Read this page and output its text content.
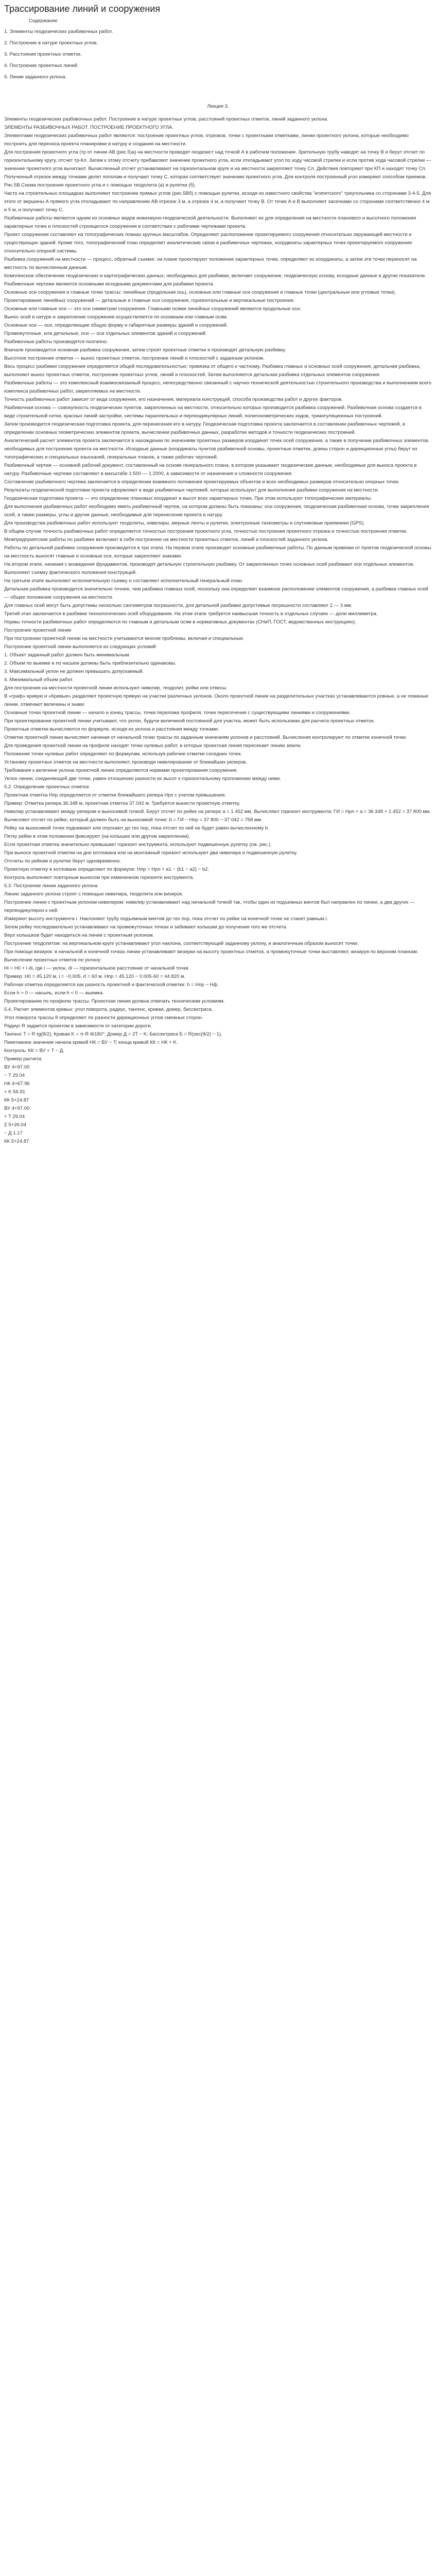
Трассирование линий и сооружения
Содержание
1. Элементы геодезических разбивочных работ.
2. Построение в натуре проектных углов.
3. Расстояния проектных отметок.
4. Построение проектных линий.
5. Линии заданного уклона.
Лекция 3.

Элементы геодезических разбивочных работ. Построение в натуре проектных углов, расстояний проектных отметок, линий заданного уклона.

ЭЛЕМЕНТЫ РАЗБИВОЧНЫХ РАБОТ. ПОСТРОЕНИЕ ПРОЕКТНОГО УГЛА.

Элементами геодезических разбивочных работ являются: построение проектных углов, отрезков, точки с проектными отметками, линии проектного уклона, которые необходимо построить для переноса проекта планировки в натуру и создания на местности.

Для построения проектного угла (тр от линии АВ (рис.5)а) на местности проводят геодезист над точкой А в рабочем положении. Зрительную трубу наводят на точку В и берут отсчет по горизонтальному кругу, отсчет тр-Кл. Затем к этому отсчету прибавляют значение проектного угла, если откладывают угол по ходу часовой стрелки и если против хода часовой стрелки — значение проектного угла вычитают. Вычисленный отсчет устанавливают на горизонтальном круге и на местности закрепляют точку Сл. Действия повторяют при КП и находят точку Сп. Полученный отрезок между точками делят пополам и получают точку С, которая соответствует значению проектного угла. Для контроля построенный угол измеряют способом приемов.

Рис.5В.Схема построения проектного угла и с помощью теодолита (а) и рулетки (б).

Часто на строительных площадках выполняют построение прямых углов (рис.5Bб) с помощью рулетки, исходя из известного свойства "египетского" треугольника со сторонами 3-4-5. Для этого от вершины А прямого угла откладывают по направлению АВ отрезок 3 м, а отрезок 4 м, а получают точку В. От точек А и В выполняют засечками со сторонами соответственно 4 м и 5 м, и получают точку С.

Разбивочные работы являются одним из основных видов инженерно-геодезической деятельности. Выполняют их для определения на местности планового и высотного положения характерных точек и плоскостей строящегося сооружения в соответствии с рабочими чертежами проекта.

Проект сооружения составляют на топографических планах крупных масштабов. Определяют расположение проектируемого сооружения относительно окружающей местности и существующих зданий. Кроме того, топографический план определяет аналитические связи в разбивочных чертежах, координаты характерных точек проектируемого сооружения относительно опорной системы.

Разбивка сооружений на местности — процесс, обратный съемке: на плане проектируют положение характерных точек, определяют их координаты, а затем эти точки переносят на местность по вычисленным данным.

Комплексное обеспечение геодезических и картографических данных, необходимых для разбивки, включает сооружение, геодезическую основу, исходные данные и другие показатели. Разбивочные чертежи являются основными исходными документами для разбивки проекта.

Основные оси сооружения и главные точки трассы: линейные (продольная ось), основные или главные оси сооружения и главные точки (центральные или угловые точки).

Проектирование линейных сооружений — детальные и главные оси сооружения, горизонтальные и вертикальные построения.

Основные или главные оси — это оси симметрии сооружения. Главными осями линейных сооружений являются продольные оси.

Вынос осей в натуре и закрепление сооружения осуществляется по основным или главным осям.

Основные оси — оси, определяющие общую форму и габаритные размеры зданий и сооружений.

Промежуточные, или детальные, оси — оси отдельных элементов зданий и сооружений.

Разбивочные работы производятся поэтапно.

Вначале производится основная разбивка сооружения, затем строят проектные отметки и производят детальную разбивку.

Высотное построение отметок — вынос проектных отметок, построение линий и плоскостей с заданным уклоном.

Весь процесс разбивки сооружения определяется общей последовательностью: привязка от общего к частному. Разбивка главных и основных осей сооружения, детальная разбивка, выполняют вынос проектных отметок, построение проектных углов, линий и плоскостей. Затем выполняется детальная разбивка отдельных элементов сооружения.

Разбивочные работы — это комплексный взаимосвязанный процесс, непосредственно связанный с научно-технической деятельностью строительного производства и выполнением всего комплекса разбивочных работ, закрепляемых на местности.

Точность разбивочных работ зависит от вида сооружения, его назначения, материала конструкций, способа производства работ и других факторов.

Разбивочная основа — совокупность геодезических пунктов, закрепленных на местности, относительно которых производится разбивка сооружений. Разбивочная основа создается в виде строительной сетки, красных линий застройки, системы параллельных и перпендикулярных линий, полигонометрических ходов, триангуляционных построений.

Затем производится геодезическая подготовка проекта, для перенесения его в натуру. Геодезическая подготовка проекта заключается в составлении разбивочных чертежей, в определении основных геометрических элементов проекта, вычислении разбивочных данных, разработке методов и точности геодезических построений.

Аналитический расчет элементов проекта заключается в нахождении по значениям проектных размеров координат точек осей сооружения, а также в получении разбивочных элементов, необходимых для построения проекта на местности. Исходные данные (координаты пунктов разбивочной основы, проектные отметки, длины сторон и дирекционные углы) берут из топографических и специальных изысканий, генеральных планов, а также рабочих чертежей.

Разбивочный чертеж — основной рабочий документ, составленный на основе генерального плана, в котором указывают геодезические данные, необходимые для выноса проекта в натуру. Разбивочные чертежи составляют в масштабе 1:500 — 1:2000, в зависимости от назначения и сложности сооружения.

Составление разбивочного чертежа заключается в определении взаимного положения проектируемых объектов и всех необходимых размеров относительно опорных точек.

Результаты геодезической подготовки проекта оформляют в виде разбивочных чертежей, которые используют для выполнения разбивки сооружения на местности.

Геодезическая подготовка проекта — это определение плановых координат и высот всех характерных точек. При этом используют топографические материалы.

Для выполнения разбивочных работ необходимо иметь разбивочный чертеж, на котором должны быть показаны: оси сооружения, геодезическая разбивочная основа, точки закрепления осей, а также размеры, углы и другие данные, необходимые для перенесения проекта в натуру.

Для производства разбивочных работ используют теодолиты, нивелиры, мерные ленты и рулетки, электронные тахеометры и спутниковые приемники (GPS).

В общем случае точность разбивочных работ определяется точностью построения проектного угла, точностью построения проектного отрезка и точностью построения отметки.

Межпредприятские работы по разбивке включают в себя построение на местности проектных отметок, линий и плоскостей заданного уклона.

Работы по детальной разбивке сооружения производятся в три этапа. На первом этапе производят основные разбивочные работы. По данным привязки от пунктов геодезической основы на местность выносят главные и основные оси, которые закрепляют знаками.

На втором этапе, начиная с возведения фундаментов, производят детальную строительную разбивку. От закрепленных точек основных осей разбивают оси отдельных элементов. Выполняют съемку фактического положения конструкций.

На третьем этапе выполняют исполнительную съемку и составляют исполнительный генеральный план.

Детальная разбивка производится значительно точнее, чем разбивка главных осей, поскольку она определяет взаимное расположение элементов сооружения, а разбивка главных осей — общее положение сооружения на местности.

Для главных осей могут быть допустимы несколько сантиметров погрешности, для детальной разбивки допустимые погрешности составляют 2 — 3 мм.

Третий этап заключается в разбивке технологических осей оборудования. На этом этапе требуется наивысшая точность в отдельных случаях — доли миллиметра.

Нормы точности разбивочных работ определяются по главным и детальным осям в нормативных документах (СНиП, ГОСТ, ведомственных инструкциях).

Построение проектной линии

При построении проектной линии на местности учитываются многие проблемы, включая и специальные.

Построение проектной линии выполняется из следующих условий:

1. Объект заданный работ должен быть минимальным.

2. Объем по выемке и по насыпи должны быть приблизительно одинаковы.

3. Максимальный уклон не должен превышать допускаемый.

4. Минимальный объем работ.

Для построения на местности проектной линии используют нивелир, теодолит, рейки или отвесы.

В «граф» кривую и «Кривые» разделяют проектную прямую на участки различных уклонов. Около проектной линии на разделительных участках устанавливаются ровные, а не ломаные линии, отмечают величины и знаки.

Основные точки проектной линии — начало и конец трассы, точки перелома профиля, точки пересечения с существующими линиями и сооружениями.

При проектировании проектной линии учитывают, что уклон, будучи величиной постоянной для участка, может быть использован для расчета проектных отметок.

Проектные отметки вычисляются по формуле, исходя из уклона и расстояния между точками.

Отметки проектной линии вычисляют начиная от начальной точки трассы по заданным значениям уклонов и расстояний. Вычисления контролируют по отметке конечной точки.

Для проведения проектной линии на профиле находят точки нулевых работ, в которых проектная линия пересекает линию земли.

Положение точек нулевых работ определяют по формулам, используя рабочие отметки соседних точек.

Установку проектных отметок на местности выполняют, производя нивелирование от ближайших реперов.

Требования к величине уклона проектной линии определяются нормами проектирования сооружения.

Уклон линии, соединяющей две точки, равен отношению разности их высот к горизонтальному проложению между ними.

5.2. Определение проектных отметок

Проектная отметка Hпр определяется от отметки ближайшего репера Нрп с учетом превышения.

Пример: Отметка репера 36.348 м, проектная отметка 37.042 м. Требуется вынести проектную отметку.

Нивелир устанавливают между репером и выносимой точкой. Берут отсчет по рейке на репере а = 1 452 мм. Вычисляют горизонт инструмента: ГИ = Нрп + а = 36 348 + 1 452 = 37 800 мм.

Вычисляют отсчет по рейке, который должен быть на выносимой точке: b = ГИ − Hпр = 37 800 − 37 042 = 758 мм.

Рейку на выносимой точке поднимают или опускают до тех пор, пока отсчет по ней не будет равен вычисленному b.

Пятку рейки в этом положении фиксируют (на колышке или другом закреплении).

Если проектная отметка значительно превышает горизонт инструмента, используют подвешенную рулетку (см. рис.).

При выносе проектной отметки на дно котлована или на монтажный горизонт используют два нивелира и подвешенную рулетку.

Отсчеты по рейкам и рулетке берут одновременно.

Проектную отметку в котловане определяют по формуле: Нпр = Нрп + a1 − (b1 − a2) − b2.

Контроль выполняют повторным выносом при измененном горизонте инструмента.

5.3. Построение линии заданного уклона

Линию заданного уклона строят с помощью нивелира, теодолита или визирок.

Построение линии с проектным уклоном нивелиром: нивелир устанавливают над начальной точкой так, чтобы один из подъемных винтов был направлен по линии, а два других — перпендикулярно к ней.

Измеряют высоту инструмента i. Наклоняют трубу подъемным винтом до тех пор, пока отсчет по рейке на конечной точке не станет равным i.

Затем рейку последовательно устанавливают на промежуточных точках и забивают колышки до получения того же отсчета.

Верх колышков будет находиться на линии с проектным уклоном.

Построение теодолитом: на вертикальном круге устанавливают угол наклона, соответствующий заданному уклону, и аналогичным образом выносят точки.

При помощи визирок: в начальной и конечной точках линии устанавливают визирки на высоту проектных отметок, а промежуточные точки выставляют, визируя по верхним планкам.

Вычисление проектных отметок по уклону:

Нi = Н0 + i·di, где i — уклон, di — горизонтальное расстояние от начальной точки.

Пример: H0 = 45.120 м, i = −0.005, d = 60 м. Hпр = 45.120 − 0.005·60 = 44.820 м.

Рабочая отметка определяется как разность проектной и фактической отметки: h = Нпр − Нф.

Если h > 0 — насыпь, если h < 0 — выемка.

Проектирование по профилю трассы. Проектная линия должна отвечать техническим условиям.

5.4. Расчет элементов кривых: угол поворота, радиус, тангенс, кривая, домер, биссектриса.

Угол поворота трассы θ определяют по разности дирекционных углов смежных сторон.

Радиус R задается проектом в зависимости от категории дороги.

Тангенс T = R·tg(θ/2); Кривая K = π·R·θ/180°; Домер Д = 2T − K; Биссектриса Б = R(sec(θ/2) − 1).

Пикетажное значение начала кривой НК = ВУ − T; конца кривой КК = НК + K.

Контроль: КК = ВУ + T − Д.

Пример расчета:

ВУ 4+97.00

− T 29.04

НК 4+67.96

+ K 56.91

КК 5+24.87

ВУ 4+97.00

+ T 29.04

Σ 5+26.04

− Д 1.17

КК 5+24.87
